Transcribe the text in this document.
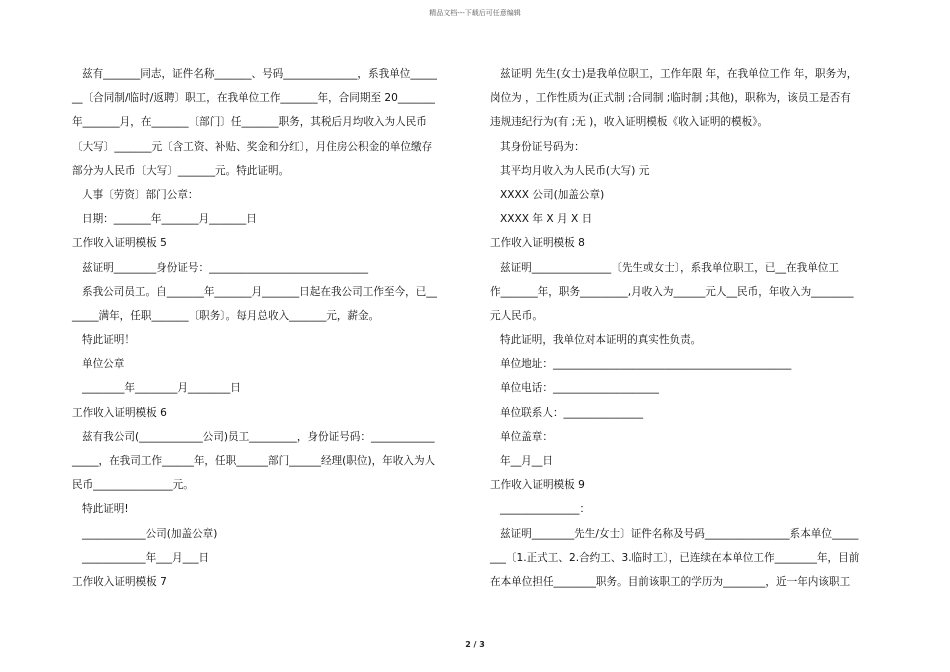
精品文档---下载后可任意编辑
兹有_______同志，证件名称_______、号码______________，系我单位_____
__〔合同制/临时/返聘〕职工，在我单位工作_______年，合同期至 20_______
年_______月，在_______〔部门〕任_______职务，其税后月均收入为人民币
〔大写〕_______元〔含工资、补贴、奖金和分红〕，月住房公积金的单位缴存
部分为人民币〔大写〕_______元。特此证明。
人事〔劳资〕部门公章：
日期：_______年_______月_______日
工作收入证明模板 5
兹证明________身份证号：______________________________
系我公司员工。自_______年_______月_______日起在我公司工作至今，已__
_____满年，任职_______〔职务〕。每月总收入_______元，薪金。
特此证明！
单位公章
________年________月________日
工作收入证明模板 6
兹有我公司(____________公司)员工_________，身份证号码：____________
_____，在我司工作______年，任职______部门______经理(职位)，年收入为人
民币_______________元。
特此证明!
____________公司(加盖公章)
____________年___月___日
工作收入证明模板 7
兹证明 先生(女士)是我单位职工，工作年限 年，在我单位工作 年，职务为，
岗位为 ，工作性质为(正式制 ;合同制 ;临时制 ;其他)，职称为，该员工是否有
违规违纪行为(有 ;无 )，收入证明模板《收入证明的模板》。
其身份证号码为：
其平均月收入为人民币(大写) 元
XXXX 公司(加盖公章)
XXXX 年 X 月 X 日
工作收入证明模板 8
兹证明_______________〔先生或女士〕，系我单位职工，已__在我单位工
作_______年，职务_________,月收入为______元人__民币，年收入为________
元人民币。
特此证明，我单位对本证明的真实性负责。
单位地址：_____________________________________________
单位电话：____________________
单位联系人：_______________
单位盖章：
年__月__日
工作收入证明模板 9
_______________：
兹证明________先生/女士〕证件名称及号码________________系本单位_____
___〔1.正式工、2.合约工、3.临时工〕，已连续在本单位工作________年，目前
在本单位担任________职务。目前该职工的学历为________，近一年内该职工
2 / 3
